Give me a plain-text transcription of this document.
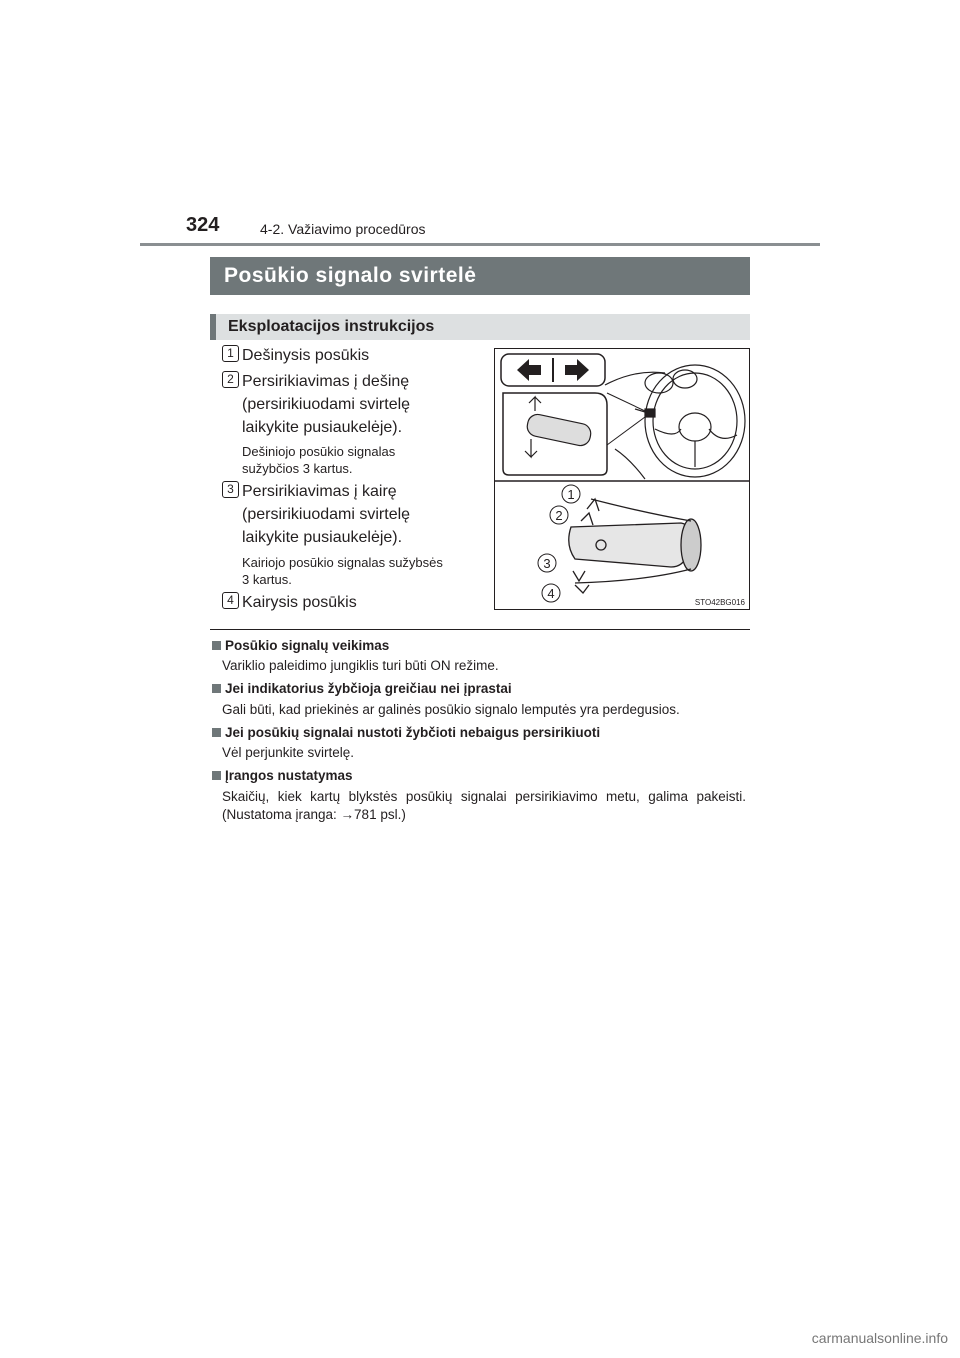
324	4-2. Važiavimo procedūros
Posūkio signalo svirtelė
Eksploatacijos instrukcijos
1 Dešinysis posūkis
2 Persirikiavimas į dešinę
(persirikiuodami svirtelę
laikykite pusiaukelėje).
Dešiniojo posūkio signalas
sužybčios 3 kartus.
3 Persirikiavimas į kairę
(persirikiuodami svirtelę
laikykite pusiaukelėje).
Kairiojo posūkio signalas sužybsės
3 kartus.
4 Kairysis posūkis
1
2
3
4
STO42BG016
Posūkio signalų veikimas
Variklio paleidimo jungiklis turi būti ON režime.
Jei indikatorius žybčioja greičiau nei įprastai
Gali būti, kad priekinės ar galinės posūkio signalo lemputės yra perdegusios.
Jei posūkių signalai nustoti žybčioti nebaigus persirikiuoti
Vėl perjunkite svirtelę.
Įrangos nustatymas
Skaičių, kiek kartų blykstės posūkių signalai persirikiavimo metu, galima pakeisti. (Nustatoma įranga: →781 psl.)
carmanualsonline.info
